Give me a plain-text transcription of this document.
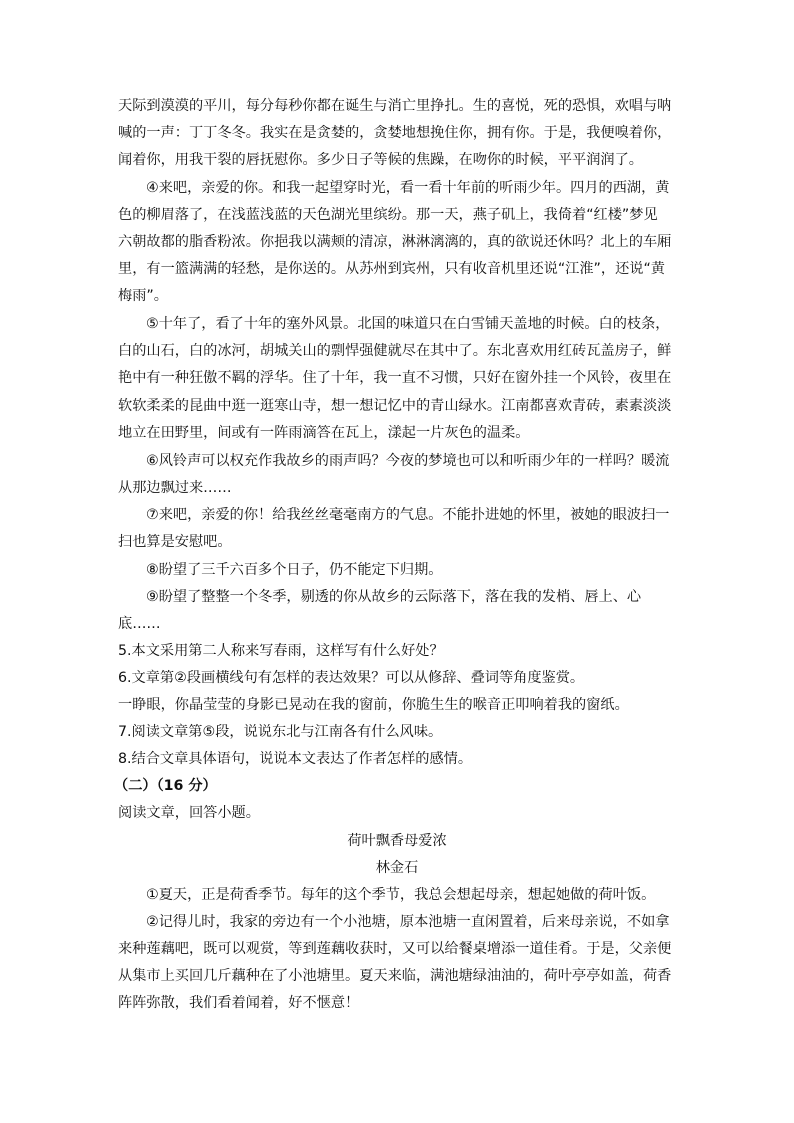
天际到漠漠的平川，每分每秒你都在诞生与消亡里挣扎。生的喜悦，死的恐惧，欢唱与呐
喊的一声：丁丁冬冬。我实在是贪婪的，贪婪地想挽住你，拥有你。于是，我便嗅着你，
闻着你，用我干裂的唇抚慰你。多少日子等候的焦躁，在吻你的时候，平平润润了。
④来吧，亲爱的你。和我一起望穿时光，看一看十年前的听雨少年。四月的西湖，黄
色的柳眉落了，在浅蓝浅蓝的天色湖光里缤纷。那一天，燕子矶上，我倚着“红楼”梦见
六朝故都的脂香粉浓。你挹我以满颊的清凉，淋淋漓漓的，真的欲说还休吗？北上的车厢
里，有一篮满满的轻愁，是你送的。从苏州到宾州，只有收音机里还说“江淮”，还说“黄
梅雨”。
⑤十年了，看了十年的塞外风景。北国的味道只在白雪铺天盖地的时候。白的枝条，
白的山石，白的冰河，胡城关山的剽悍强健就尽在其中了。东北喜欢用红砖瓦盖房子，鲜
艳中有一种狂傲不羁的浮华。住了十年，我一直不习惯，只好在窗外挂一个风铃，夜里在
软软柔柔的昆曲中逛一逛寒山寺，想一想记忆中的青山绿水。江南都喜欢青砖，素素淡淡
地立在田野里，间或有一阵雨滴答在瓦上，漾起一片灰色的温柔。
⑥风铃声可以权充作我故乡的雨声吗？今夜的梦境也可以和听雨少年的一样吗？暖流
从那边飘过来……
⑦来吧，亲爱的你！给我丝丝毫毫南方的气息。不能扑进她的怀里，被她的眼波扫一
扫也算是安慰吧。
⑧盼望了三千六百多个日子，仍不能定下归期。
⑨盼望了整整一个冬季，剔透的你从故乡的云际落下，落在我的发梢、唇上、心
底……
5.本文采用第二人称来写春雨，这样写有什么好处？
6.文章第②段画横线句有怎样的表达效果？可以从修辞、叠词等角度鉴赏。
一睁眼，你晶莹莹的身影已晃动在我的窗前，你脆生生的喉音正叩响着我的窗纸。
7.阅读文章第⑤段，说说东北与江南各有什么风味。
8.结合文章具体语句，说说本文表达了作者怎样的感情。
（二）（16 分）
阅读文章，回答小题。
荷叶飘香母爱浓
林金石
①夏天，正是荷香季节。每年的这个季节，我总会想起母亲，想起她做的荷叶饭。
②记得儿时，我家的旁边有一个小池塘，原本池塘一直闲置着，后来母亲说，不如拿
来种莲藕吧，既可以观赏，等到莲藕收获时，又可以给餐桌增添一道佳肴。于是，父亲便
从集市上买回几斤藕种在了小池塘里。夏天来临，满池塘绿油油的，荷叶亭亭如盖，荷香
阵阵弥散，我们看着闻着，好不惬意！
